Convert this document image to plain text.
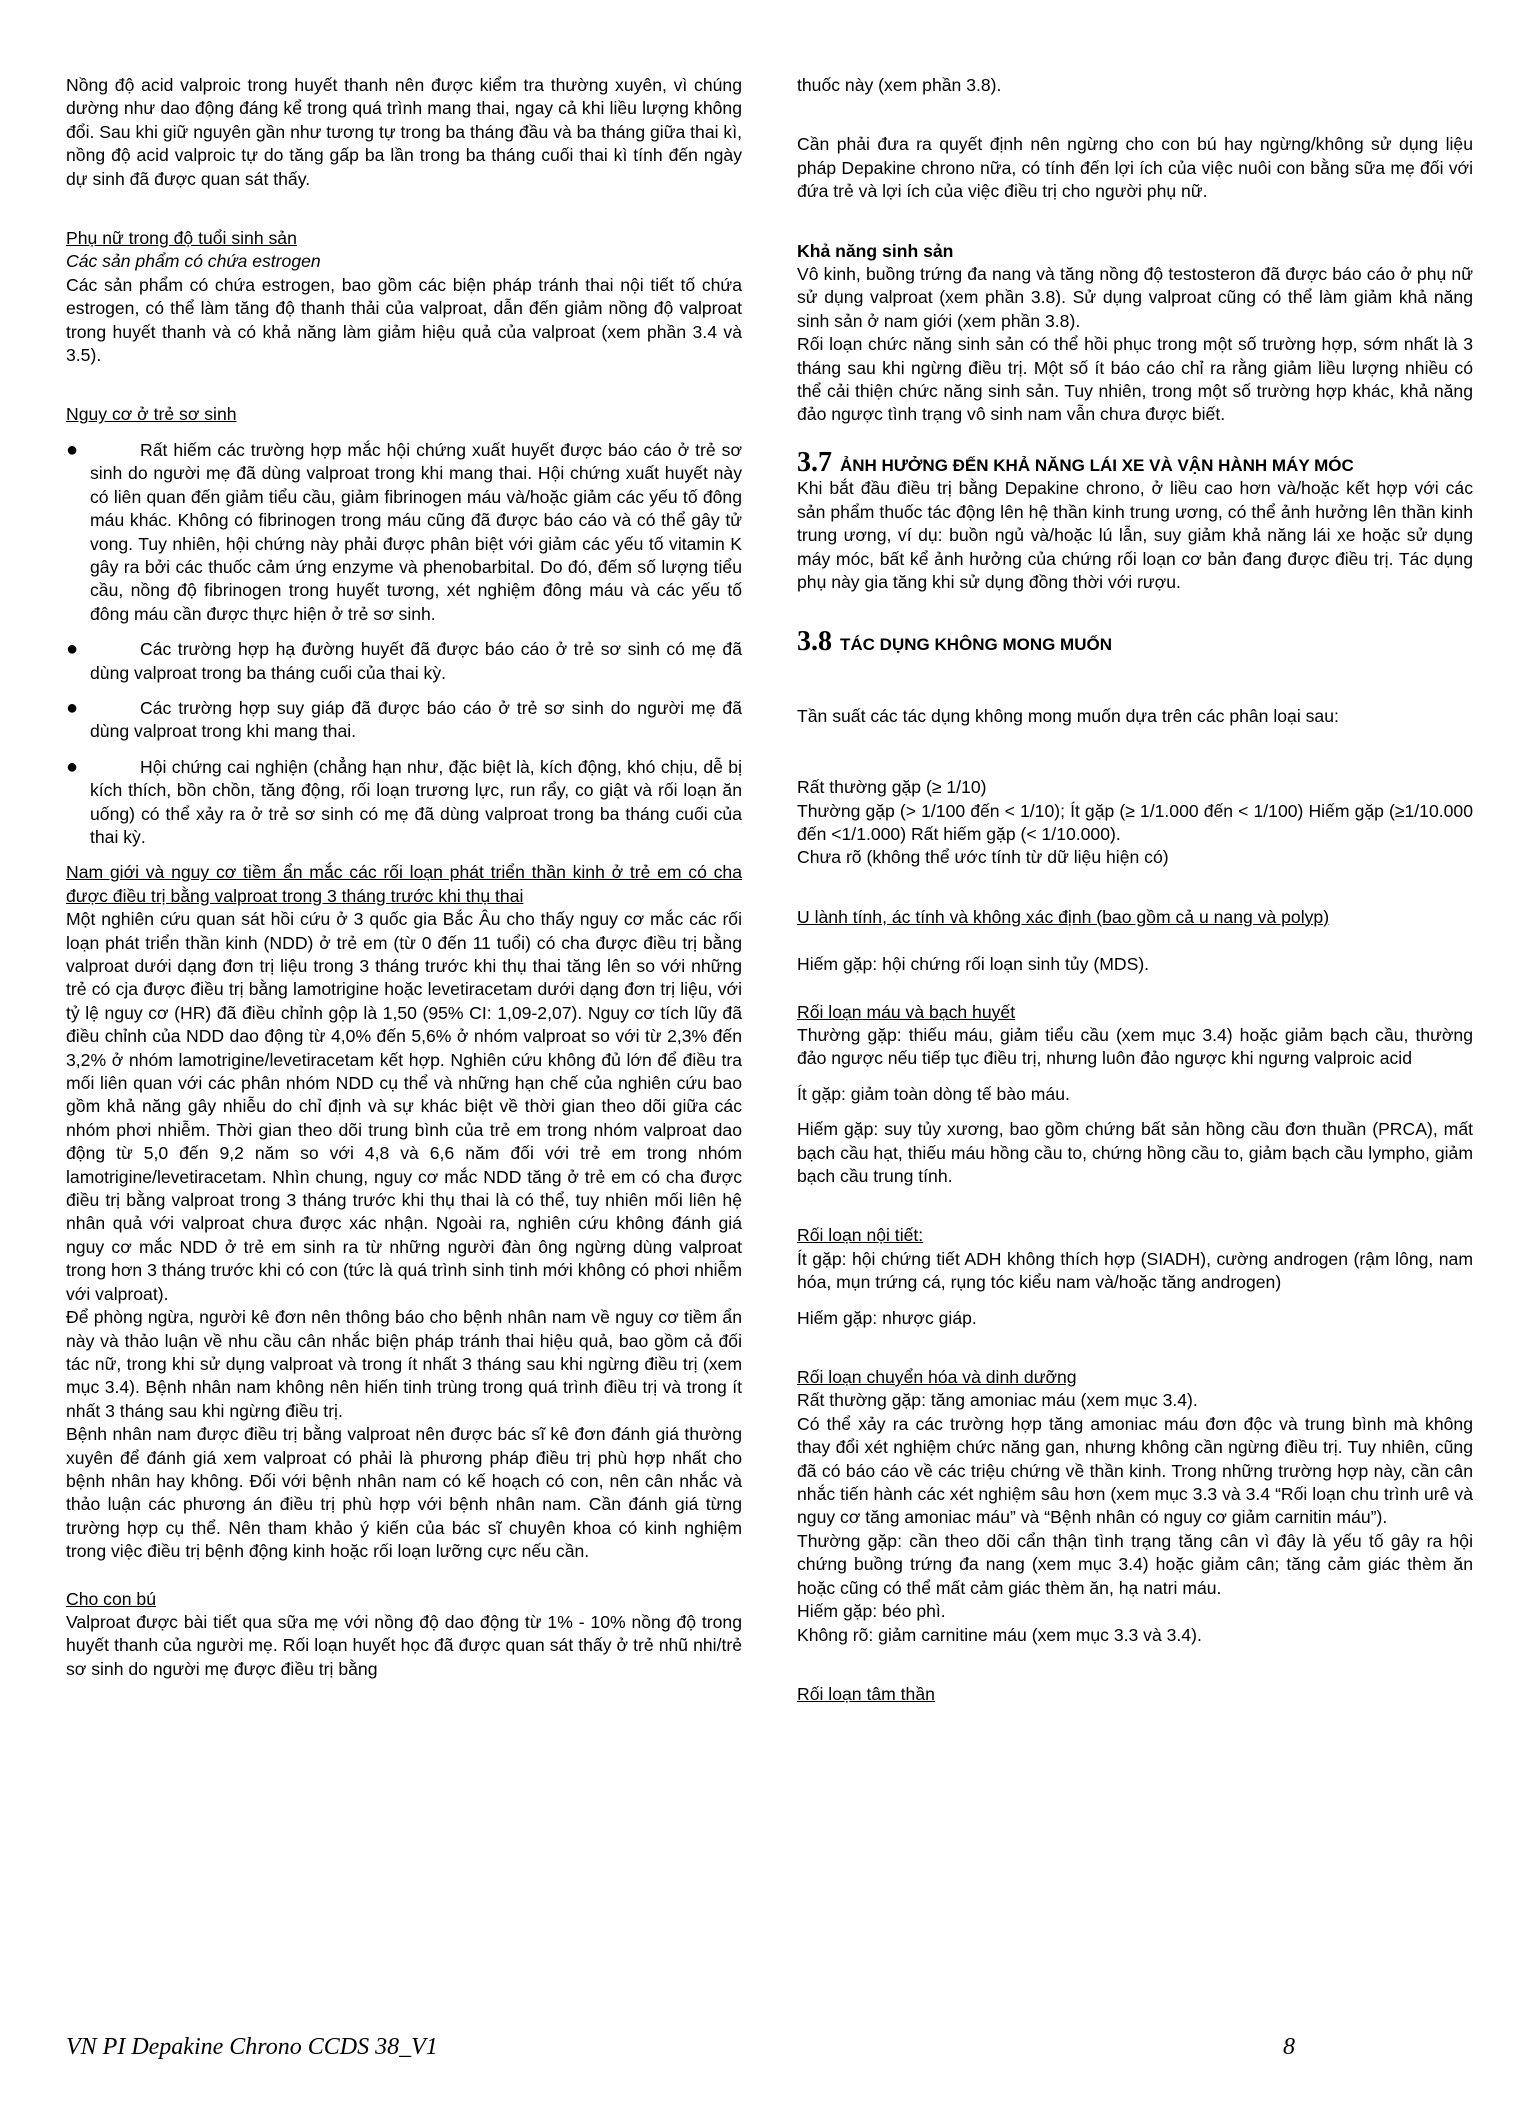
Nồng độ acid valproic trong huyết thanh nên được kiểm tra thường xuyên, vì chúng dường như dao động đáng kể trong quá trình mang thai, ngay cả khi liều lượng không đổi. Sau khi giữ nguyên gần như tương tự trong ba tháng đầu và ba tháng giữa thai kì, nồng độ acid valproic tự do tăng gấp ba lần trong ba tháng cuối thai kì tính đến ngày dự sinh đã được quan sát thấy.

Phụ nữ trong độ tuổi sinh sản

Các sản phẩm có chứa estrogen

Các sản phẩm có chứa estrogen, bao gồm các biện pháp tránh thai nội tiết tố chứa estrogen, có thể làm tăng độ thanh thải của valproat, dẫn đến giảm nồng độ valproat trong huyết thanh và có khả năng làm giảm hiệu quả của valproat (xem phần 3.4 và 3.5).

Nguy cơ ở trẻ sơ sinh

●	Rất hiếm các trường hợp mắc hội chứng xuất huyết được báo cáo ở trẻ sơ sinh do người mẹ đã dùng valproat trong khi mang thai. Hội chứng xuất huyết này có liên quan đến giảm tiểu cầu, giảm fibrinogen máu và/hoặc giảm các yếu tố đông máu khác. Không có fibrinogen trong máu cũng đã được báo cáo và có thể gây tử vong. Tuy nhiên, hội chứng này phải được phân biệt với giảm các yếu tố vitamin K gây ra bởi các thuốc cảm ứng enzyme và phenobarbital. Do đó, đếm số lượng tiểu cầu, nồng độ fibrinogen trong huyết tương, xét nghiệm đông máu và các yếu tố đông máu cần được thực hiện ở trẻ sơ sinh.

●	Các trường hợp hạ đường huyết đã được báo cáo ở trẻ sơ sinh có mẹ đã dùng valproat trong ba tháng cuối của thai kỳ.

●	Các trường hợp suy giáp đã được báo cáo ở trẻ sơ sinh do người mẹ đã dùng valproat trong khi mang thai.

●	Hội chứng cai nghiện (chẳng hạn như, đặc biệt là, kích động, khó chịu, dễ bị kích thích, bồn chồn, tăng động, rối loạn trương lực, run rẩy, co giật và rối loạn ăn uống) có thể xảy ra ở trẻ sơ sinh có mẹ đã dùng valproat trong ba tháng cuối của thai kỳ.

Nam giới và nguy cơ tiềm ẩn mắc các rối loạn phát triển thần kinh ở trẻ em có cha được điều trị bằng valproat trong 3 tháng trước khi thụ thai

Một nghiên cứu quan sát hồi cứu ở 3 quốc gia Bắc Âu cho thấy nguy cơ mắc các rối loạn phát triển thần kinh (NDD) ở trẻ em (từ 0 đến 11 tuổi) có cha được điều trị bằng valproat dưới dạng đơn trị liệu trong 3 tháng trước khi thụ thai tăng lên so với những trẻ có cja được điều trị bằng lamotrigine hoặc levetiracetam dưới dạng đơn trị liệu, với tỷ lệ nguy cơ (HR) đã điều chỉnh gộp là 1,50 (95% CI: 1,09-2,07). Nguy cơ tích lũy đã điều chỉnh của NDD dao động từ 4,0% đến 5,6% ở nhóm valproat so với từ 2,3% đến 3,2% ở nhóm lamotrigine/levetiracetam kết hợp. Nghiên cứu không đủ lớn để điều tra mối liên quan với các phân nhóm NDD cụ thể và những hạn chế của nghiên cứu bao gồm khả năng gây nhiễu do chỉ định và sự khác biệt về thời gian theo dõi giữa các nhóm phơi nhiễm. Thời gian theo dõi trung bình của trẻ em trong nhóm valproat dao động từ 5,0 đến 9,2 năm so với 4,8 và 6,6 năm đối với trẻ em trong nhóm lamotrigine/levetiracetam. Nhìn chung, nguy cơ mắc NDD tăng ở trẻ em có cha được điều trị bằng valproat trong 3 tháng trước khi thụ thai là có thể, tuy nhiên mối liên hệ nhân quả với valproat chưa được xác nhận. Ngoài ra, nghiên cứu không đánh giá nguy cơ mắc NDD ở trẻ em sinh ra từ những người đàn ông ngừng dùng valproat trong hơn 3 tháng trước khi có con (tức là quá trình sinh tinh mới không có phơi nhiễm với valproat).

Để phòng ngừa, người kê đơn nên thông báo cho bệnh nhân nam về nguy cơ tiềm ẩn này và thảo luận về nhu cầu cân nhắc biện pháp tránh thai hiệu quả, bao gồm cả đối tác nữ, trong khi sử dụng valproat và trong ít nhất 3 tháng sau khi ngừng điều trị (xem mục 3.4). Bệnh nhân nam không nên hiến tinh trùng trong quá trình điều trị và trong ít nhất 3 tháng sau khi ngừng điều trị.

Bệnh nhân nam được điều trị bằng valproat nên được bác sĩ kê đơn đánh giá thường xuyên để đánh giá xem valproat có phải là phương pháp điều trị phù hợp nhất cho bệnh nhân hay không. Đối với bệnh nhân nam có kế hoạch có con, nên cân nhắc và thảo luận các phương án điều trị phù hợp với bệnh nhân nam. Cần đánh giá từng trường hợp cụ thể. Nên tham khảo ý kiến của bác sĩ chuyên khoa có kinh nghiệm trong việc điều trị bệnh động kinh hoặc rối loạn lưỡng cực nếu cần.

Cho con bú

Valproat được bài tiết qua sữa mẹ với nồng độ dao động từ 1% - 10% nồng độ trong huyết thanh của người mẹ. Rối loạn huyết học đã được quan sát thấy ở trẻ nhũ nhi/trẻ sơ sinh do người mẹ được điều trị bằng

thuốc này (xem phần 3.8).

Cần phải đưa ra quyết định nên ngừng cho con bú hay ngừng/không sử dụng liệu pháp Depakine chrono nữa, có tính đến lợi ích của việc nuôi con bằng sữa mẹ đối với đứa trẻ và lợi ích của việc điều trị cho người phụ nữ.

Khả năng sinh sản

Vô kinh, buồng trứng đa nang và tăng nồng độ testosteron đã được báo cáo ở phụ nữ sử dụng valproat (xem phần 3.8). Sử dụng valproat cũng có thể làm giảm khả năng sinh sản ở nam giới (xem phần 3.8).

Rối loạn chức năng sinh sản có thể hồi phục trong một số trường hợp, sớm nhất là 3 tháng sau khi ngừng điều trị. Một số ít báo cáo chỉ ra rằng giảm liều lượng nhiều có thể cải thiện chức năng sinh sản. Tuy nhiên, trong một số trường hợp khác, khả năng đảo ngược tình trạng vô sinh nam vẫn chưa được biết.

3.7 ẢNH HƯỞNG ĐẾN KHẢ NĂNG LÁI XE VÀ VẬN HÀNH MÁY MÓC

Khi bắt đầu điều trị bằng Depakine chrono, ở liều cao hơn và/hoặc kết hợp với các sản phẩm thuốc tác động lên hệ thần kinh trung ương, có thể ảnh hưởng lên thần kinh trung ương, ví dụ: buồn ngủ và/hoặc lú lẫn, suy giảm khả năng lái xe hoặc sử dụng máy móc, bất kể ảnh hưởng của chứng rối loạn cơ bản đang được điều trị. Tác dụng phụ này gia tăng khi sử dụng đồng thời với rượu.

3.8 TÁC DỤNG KHÔNG MONG MUỐN

Tần suất các tác dụng không mong muốn dựa trên các phân loại sau:

Rất thường gặp (≥ 1/10)

Thường gặp (> 1/100 đến < 1/10); Ít gặp (≥ 1/1.000 đến < 1/100) Hiếm gặp (≥1/10.000 đến <1/1.000) Rất hiếm gặp (< 1/10.000).

Chưa rõ (không thể ước tính từ dữ liệu hiện có)

U lành tính, ác tính và không xác định (bao gồm cả u nang và polyp)

Hiếm gặp: hội chứng rối loạn sinh tủy (MDS).

Rối loạn máu và bạch huyết

Thường gặp: thiếu máu, giảm tiểu cầu (xem mục 3.4) hoặc giảm bạch cầu, thường đảo ngược nếu tiếp tục điều trị, nhưng luôn đảo ngược khi ngưng valproic acid

Ít gặp: giảm toàn dòng tế bào máu.

Hiếm gặp: suy tủy xương, bao gồm chứng bất sản hồng cầu đơn thuần (PRCA), mất bạch cầu hạt, thiếu máu hồng cầu to, chứng hồng cầu to, giảm bạch cầu lympho, giảm bạch cầu trung tính.

Rối loạn nội tiết:

Ít gặp: hội chứng tiết ADH không thích hợp (SIADH), cường androgen (rậm lông, nam hóa, mụn trứng cá, rụng tóc kiểu nam và/hoặc tăng androgen)

Hiếm gặp: nhược giáp.

Rối loạn chuyển hóa và dinh dưỡng

Rất thường gặp: tăng amoniac máu (xem mục 3.4).

Có thể xảy ra các trường hợp tăng amoniac máu đơn độc và trung bình mà không thay đổi xét nghiệm chức năng gan, nhưng không cần ngừng điều trị. Tuy nhiên, cũng đã có báo cáo về các triệu chứng về thần kinh. Trong những trường hợp này, cần cân nhắc tiến hành các xét nghiệm sâu hơn (xem mục 3.3 và 3.4 “Rối loạn chu trình urê và nguy cơ tăng amoniac máu” và “Bệnh nhân có nguy cơ giảm carnitin máu”).

Thường gặp: cần theo dõi cẩn thận tình trạng tăng cân vì đây là yếu tố gây ra hội chứng buồng trứng đa nang (xem mục 3.4) hoặc giảm cân; tăng cảm giác thèm ăn hoặc cũng có thể mất cảm giác thèm ăn, hạ natri máu.

Hiếm gặp: béo phì.

Không rõ: giảm carnitine máu (xem mục 3.3 và 3.4).

Rối loạn tâm thần

VN PI Depakine Chrono CCDS 38_V1	8
